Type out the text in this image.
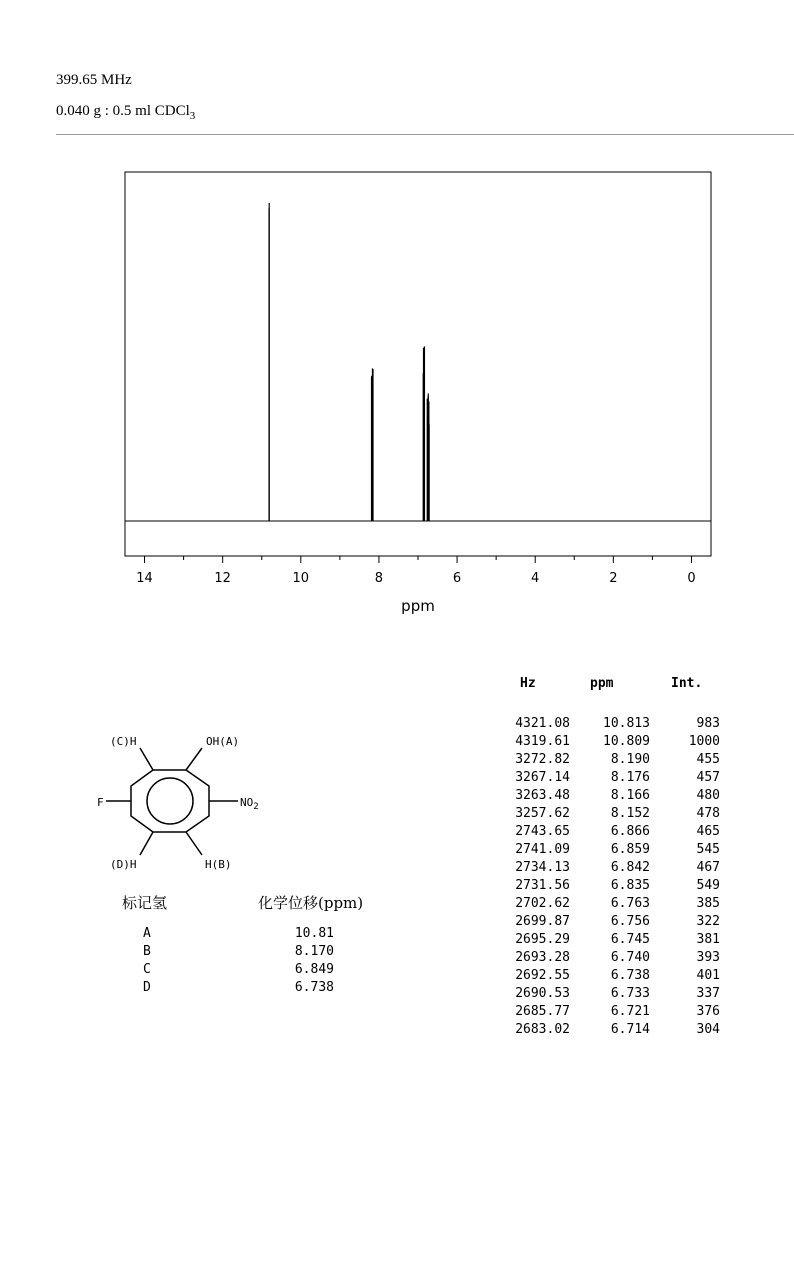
399.65 MHz
0.040 g : 0.5 ml CDCl$_3$
14	12	10	8	6	4	2	0
ppm
(C)H	OH(A)
F	$NO_2$
(D)H	H(B)
标记氢	化学位移(ppm)
A	10.81
B	8.170
C	6.849
D	6.738
Hz	ppm	Int.
4321.08	10.813	983
4319.61	10.809	1000
3272.82	8.190	455
3267.14	8.176	457
3263.48	8.166	480
3257.62	8.152	478
2743.65	6.866	465
2741.09	6.859	545
2734.13	6.842	467
2731.56	6.835	549
2702.62	6.763	385
2699.87	6.756	322
2695.29	6.745	381
2693.28	6.740	393
2692.55	6.738	401
2690.53	6.733	337
2685.77	6.721	376
2683.02	6.714	304
